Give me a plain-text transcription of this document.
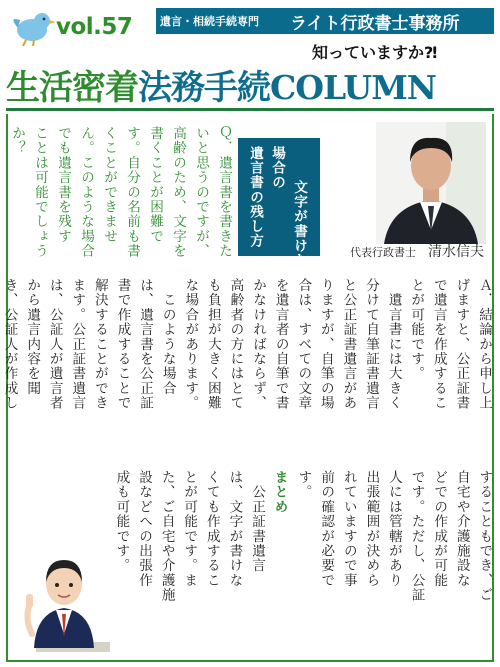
vol.57	遺言・相続手続専門 ライト行政書士事務所
知っていますか⁈
生活密着法務手続COLUMN
代表行政書士 清水信夫
Ａ．結論から申し上
げますと、公正証書
で遺言を作成するこ
とが可能です。
　遺言書には大きく
分けて自筆証書遺言
と公正証書遺言があ
りますが、自筆の場
合は、すべての文章
を遺言者の自筆で書
かなければならず、
高齢者の方にはとて
も負担が大きく困難
な場合があります。
　このような場合
は、遺言書を公正証
書で作成することで
解決することができ
ます。公正証書遺言
は、公証人が遺言者
から遺言内容を聞
き、公証人が作成し

することもでき、ご
自宅や介護施設な
どでの作成が可能
です。ただし、公証
人には管轄があり
出張範囲が決めら
れていますので事
前の確認が必要で
す。
まとめ
　公正証書遺言
は、文字が書けな
くても作成するこ
とが可能です。ま
た、ご自宅や介護施
設などへの出張作
成も可能です。

文字が書けない
場合の
遺言書の残し方

Ｑ．遺言書を書きた
いと思うのですが、
高齢のため、文字を
書くことが困難で
す。自分の名前も書
くことができませ
ん。このような場合
でも遺言書を残す
ことは可能でしょう
か？
